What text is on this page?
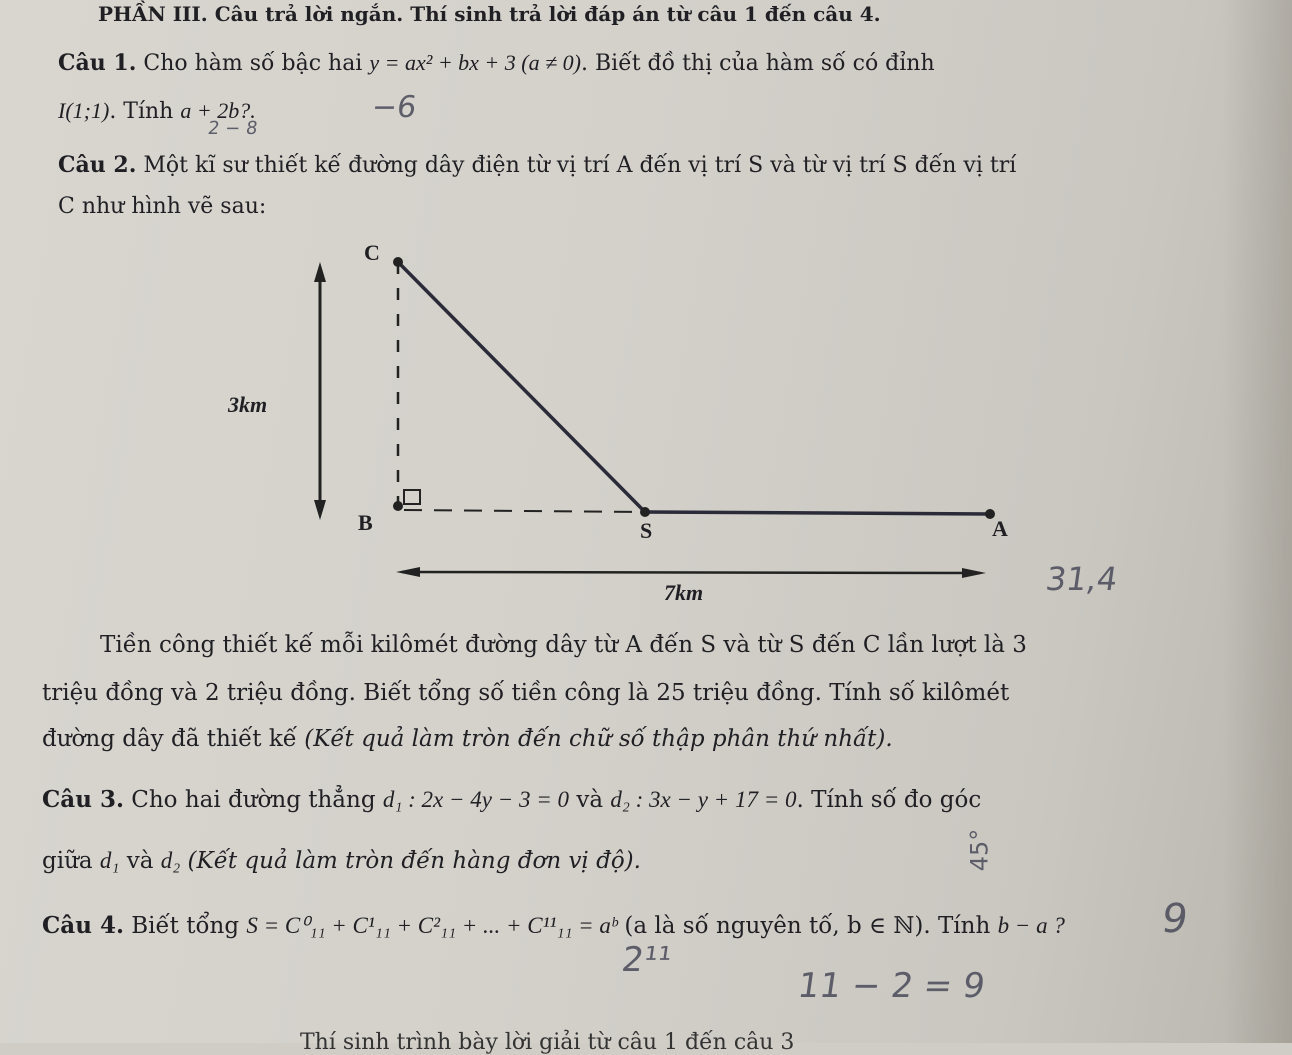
PHẦN III. Câu trả lời ngắn. Thí sinh trả lời đáp án từ câu 1 đến câu 4.
Câu 1. Cho hàm số bậc hai y = ax² + bx + 3 (a ≠ 0). Biết đồ thị của hàm số có đỉnh
I(1;1). Tính a + 2b?.	−6
2 − 8
Câu 2. Một kĩ sư thiết kế đường dây điện từ vị trí A đến vị trí S và từ vị trí S đến vị trí
C như hình vẽ sau:
C
B	S	A
3km
7km	31,4
Tiền công thiết kế mỗi kilômét đường dây từ A đến S và từ S đến C lần lượt là 3
triệu đồng và 2 triệu đồng. Biết tổng số tiền công là 25 triệu đồng. Tính số kilômét
đường dây đã thiết kế (Kết quả làm tròn đến chữ số thập phân thứ nhất).
Câu 3. Cho hai đường thẳng d₁ : 2x − 4y − 3 = 0 và d₂ : 3x − y + 17 = 0. Tính số đo góc
giữa d₁ và d₂ (Kết quả làm tròn đến hàng đơn vị độ).	45°
Câu 4. Biết tổng S = C⁰₁₁ + C¹₁₁ + C²₁₁ + ... + C¹¹₁₁ = aᵇ (a là số nguyên tố, b ∈ ℕ). Tính b − a ? 9
2¹¹
11 − 2 = 9
Thí sinh trình bày lời giải từ câu 1 đến câu 3
